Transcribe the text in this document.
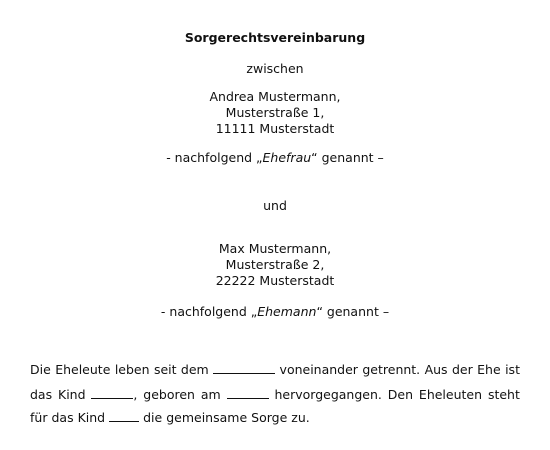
Sorgerechtsvereinbarung
zwischen
Andrea Mustermann,
Musterstraße 1,
11111 Musterstadt
- nachfolgend „Ehefrau“ genannt –
und
Max Mustermann,
Musterstraße 2,
22222 Musterstadt
- nachfolgend „Ehemann“ genannt –
Die Eheleute leben seit dem	voneinander getrennt. Aus der Ehe ist
das Kind	, geboren am	hervorgegangen. Den Eheleuten steht
für das Kind	die gemeinsame Sorge zu.
